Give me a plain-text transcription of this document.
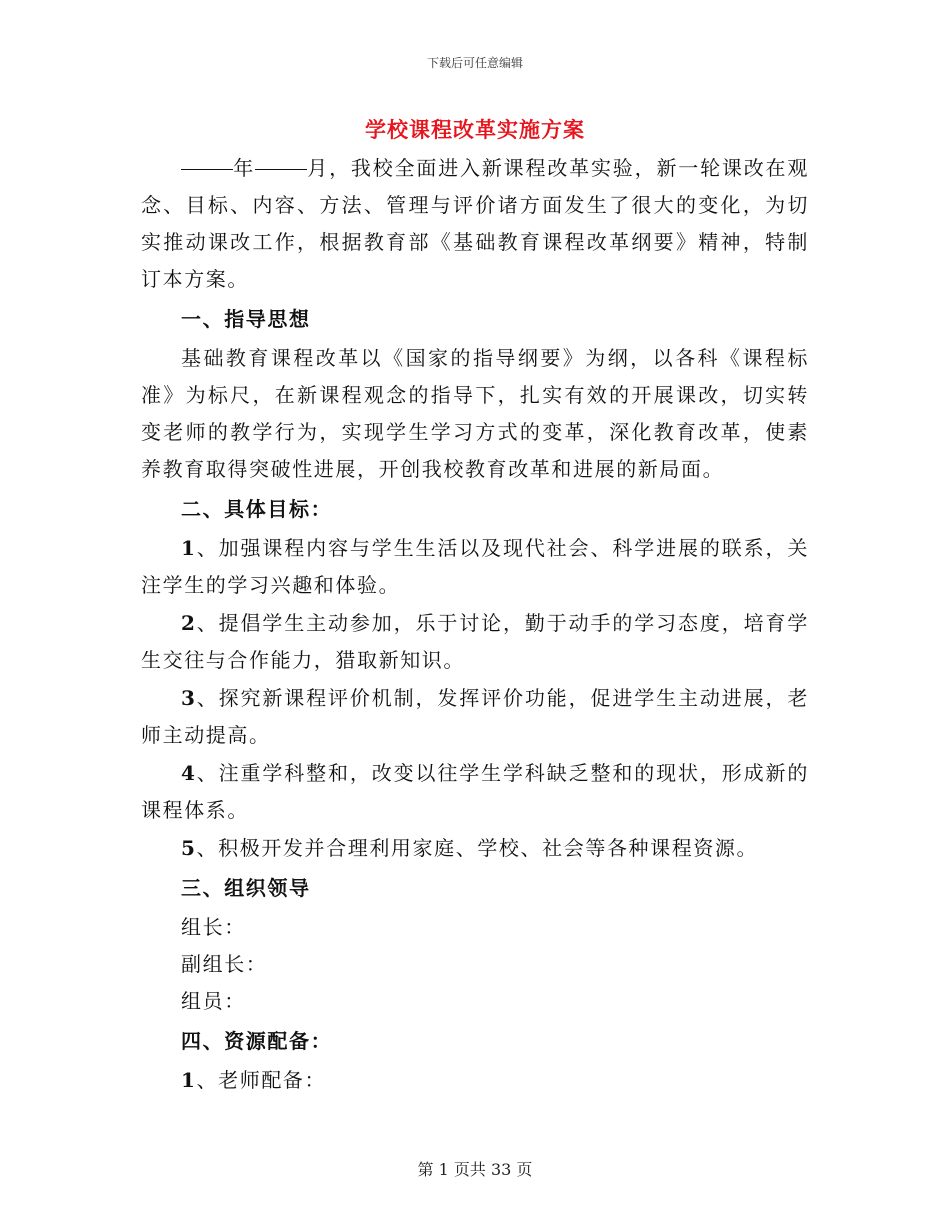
下载后可任意编辑
学校课程改革实施方案

年	月，我校全面进入新课程改革实验，新一轮课改在观念、目标、内容、方法、管理与评价诸方面发生了很大的变化，为切实推动课改工作，根据教育部《基础教育课程改革纲要》精神，特制订本方案。

一、指导思想

基础教育课程改革以《国家的指导纲要》为纲，以各科《课程标准》为标尺，在新课程观念的指导下，扎实有效的开展课改，切实转变老师的教学行为，实现学生学习方式的变革，深化教育改革，使素养教育取得突破性进展，开创我校教育改革和进展的新局面。

二、具体目标：

1、加强课程内容与学生生活以及现代社会、科学进展的联系，关注学生的学习兴趣和体验。

2、提倡学生主动参加，乐于讨论，勤于动手的学习态度，培育学生交往与合作能力，猎取新知识。

3、探究新课程评价机制，发挥评价功能，促进学生主动进展，老师主动提高。

4、注重学科整和，改变以往学生学科缺乏整和的现状，形成新的课程体系。

5、积极开发并合理利用家庭、学校、社会等各种课程资源。

三、组织领导

组长：

副组长：

组员：

四、资源配备：

1、老师配备：

第 1 页共 33 页
